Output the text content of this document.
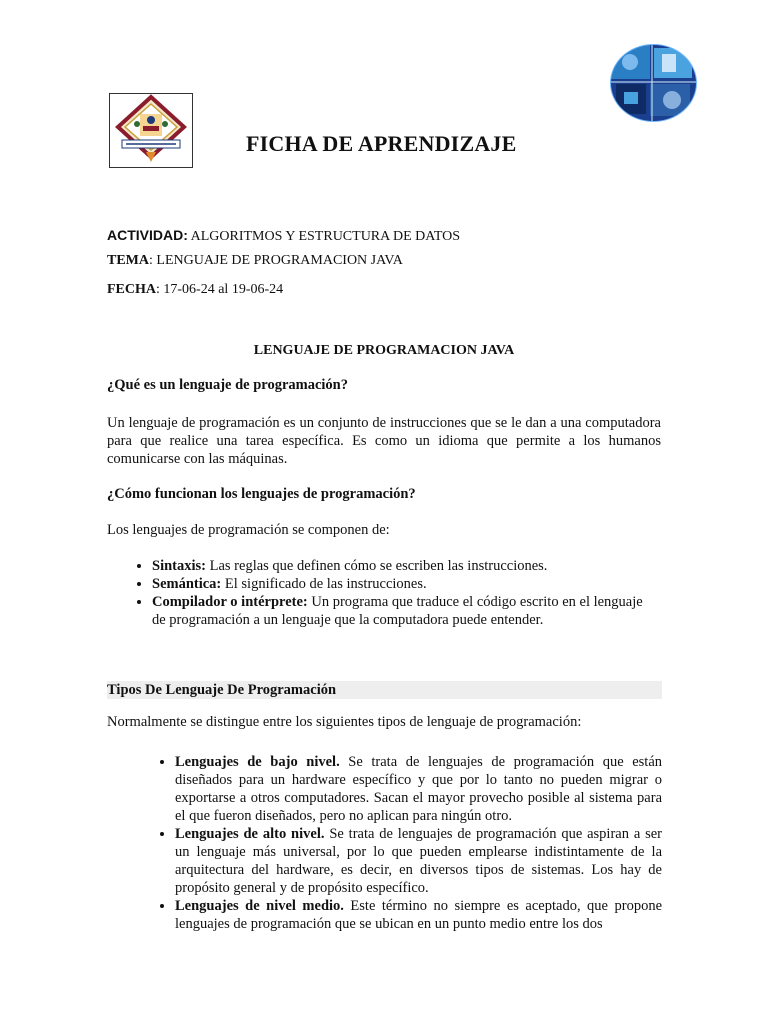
FICHA DE APRENDIZAJE
ACTIVIDAD: ALGORITMOS Y ESTRUCTURA DE DATOS
TEMA: LENGUAJE DE PROGRAMACION JAVA
FECHA: 17-06-24 al 19-06-24
LENGUAJE DE PROGRAMACION JAVA
¿Qué es un lenguaje de programación?
Un lenguaje de programación es un conjunto de instrucciones que se le dan a una computadora para que realice una tarea específica. Es como un idioma que permite a los humanos comunicarse con las máquinas.
¿Cómo funcionan los lenguajes de programación?
Los lenguajes de programación se componen de:
• Sintaxis: Las reglas que definen cómo se escriben las instrucciones.
• Semántica: El significado de las instrucciones.
• Compilador o intérprete: Un programa que traduce el código escrito en el lenguaje de programación a un lenguaje que la computadora puede entender.
Tipos De Lenguaje De Programación
Normalmente se distingue entre los siguientes tipos de lenguaje de programación:
• Lenguajes de bajo nivel. Se trata de lenguajes de programación que están diseñados para un hardware específico y que por lo tanto no pueden migrar o exportarse a otros computadores. Sacan el mayor provecho posible al sistema para el que fueron diseñados, pero no aplican para ningún otro.
• Lenguajes de alto nivel. Se trata de lenguajes de programación que aspiran a ser un lenguaje más universal, por lo que pueden emplearse indistintamente de la arquitectura del hardware, es decir, en diversos tipos de sistemas. Los hay de propósito general y de propósito específico.
• Lenguajes de nivel medio. Este término no siempre es aceptado, que propone lenguajes de programación que se ubican en un punto medio entre los dos
